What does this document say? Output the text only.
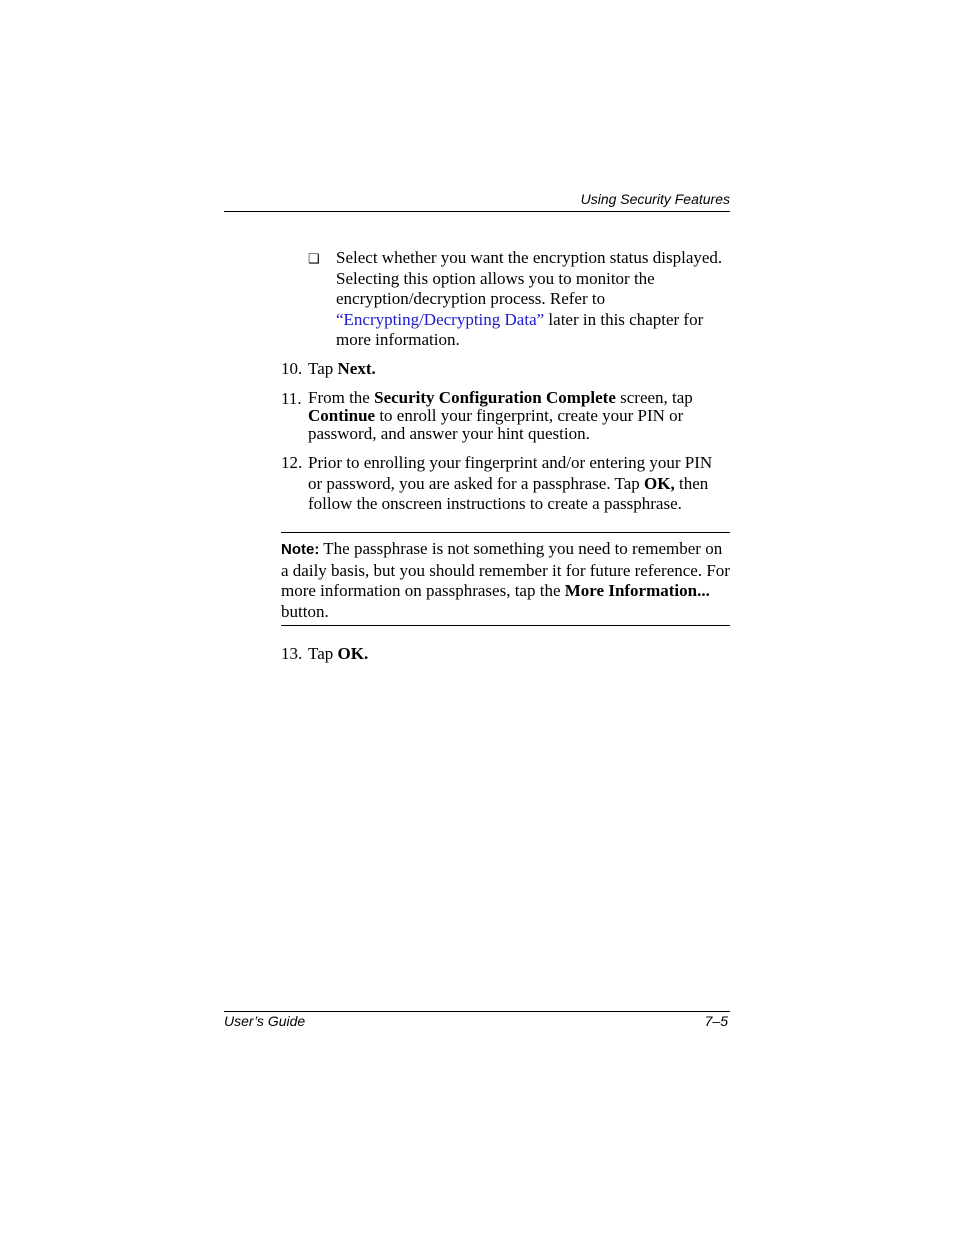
Using Security Features
❑ Select whether you want the encryption status displayed. Selecting this option allows you to monitor the encryption/decryption process. Refer to “Encrypting/Decrypting Data” later in this chapter for more information.
10. Tap Next.
11. From the Security Configuration Complete screen, tap Continue to enroll your fingerprint, create your PIN or password, and answer your hint question.
12. Prior to enrolling your fingerprint and/or entering your PIN or password, you are asked for a passphrase. Tap OK, then follow the onscreen instructions to create a passphrase.
Note: The passphrase is not something you need to remember on a daily basis, but you should remember it for future reference. For more information on passphrases, tap the More Information... button.
13. Tap OK.
User’s Guide	7–5
